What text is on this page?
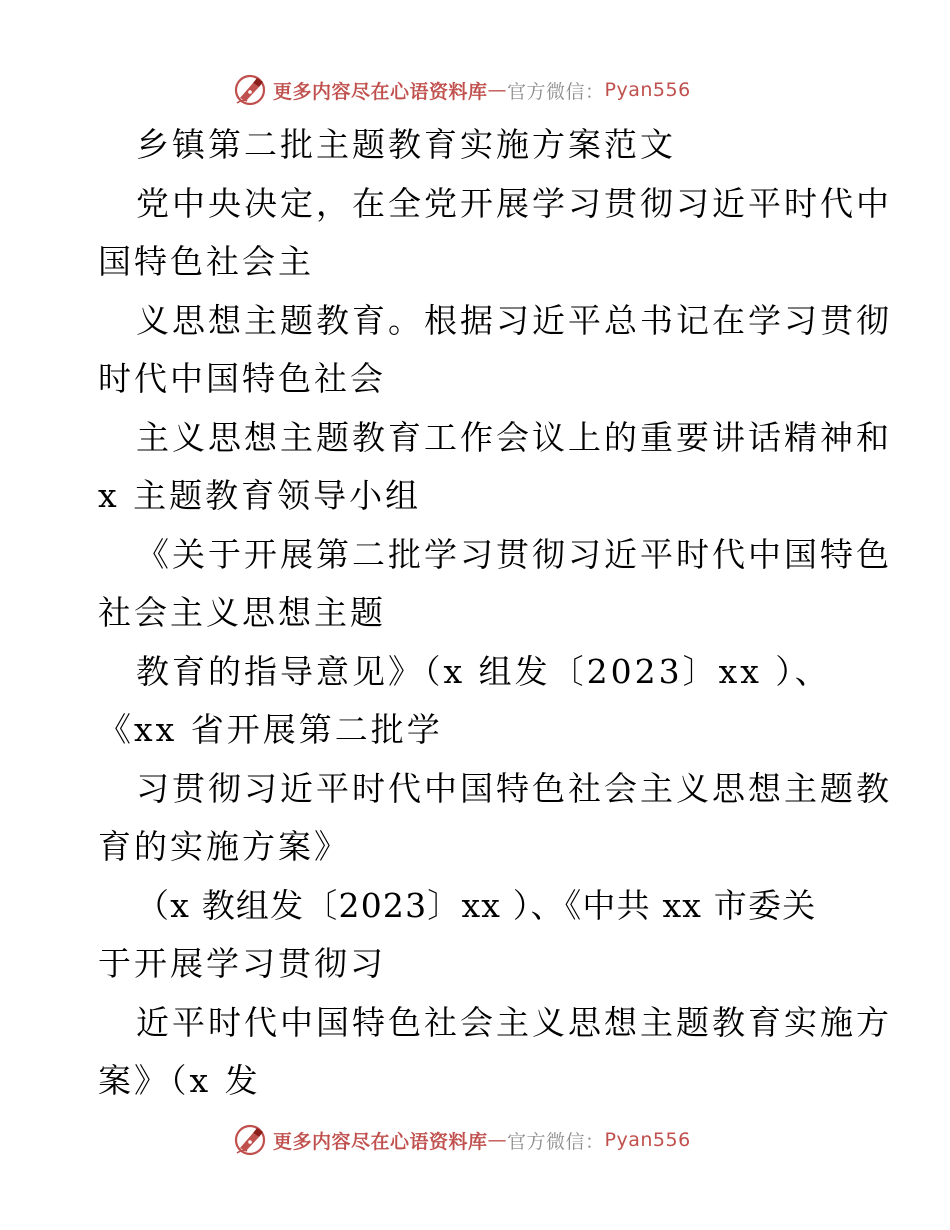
更多内容尽在心语资料库 — 官方微信： Pyan556
乡镇第二批主题教育实施方案范文
党中央决定，在全党开展学习贯彻习近平时代中
国特色社会主
义思想主题教育。根据习近平总书记在学习贯彻
时代中国特色社会
主义思想主题教育工作会议上的重要讲话精神和
x 主题教育领导小组
《关于开展第二批学习贯彻习近平时代中国特色
社会主义思想主题
教育的指导意见》（x 组发〔2023〕xx ）、
《xx 省开展第二批学
习贯彻习近平时代中国特色社会主义思想主题教
育的实施方案》
（x 教组发〔2023〕xx ）、《中共 xx 市委关
于开展学习贯彻习
近平时代中国特色社会主义思想主题教育实施方
案》（x 发
更多内容尽在心语资料库 — 官方微信： Pyan556
